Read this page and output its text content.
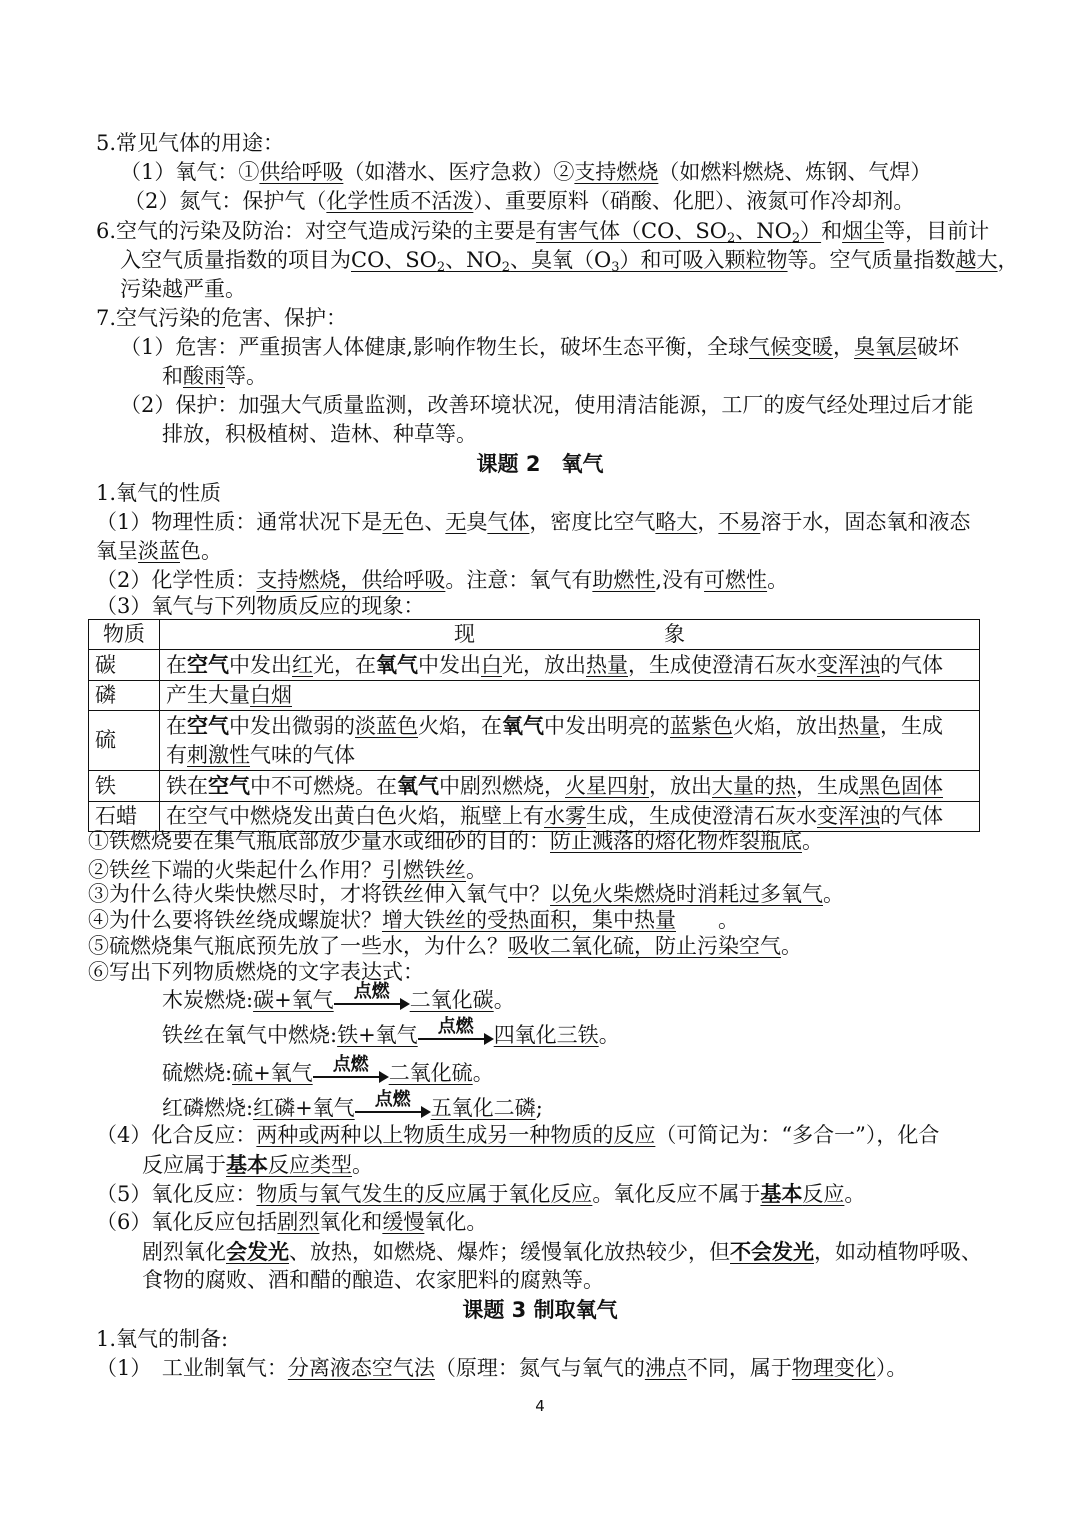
5.常见气体的用途：
（1）氧气：①供给呼吸（如潜水、医疗急救）②支持燃烧（如燃料燃烧、炼钢、气焊）
（2）氮气：保护气（化学性质不活泼）、重要原料（硝酸、化肥）、液氮可作冷却剂。
6.空气的污染及防治：对空气造成污染的主要是有害气体（CO、$SO_2$、$NO_2$）和烟尘等，目前计
入空气质量指数的项目为CO、$SO_2$、$NO_2$、臭氧$(O_3)$和可吸入颗粒物等。空气质量指数越大，
污染越严重。
7.空气污染的危害、保护：
（1）危害：严重损害人体健康,影响作物生长，破坏生态平衡，全球气候变暖，臭氧层破坏
和酸雨等。
（2）保护：加强大气质量监测，改善环境状况，使用清洁能源，工厂的废气经处理过后才能
排放，积极植树、造林、种草等。
课题 2　氧气
1.氧气的性质
（1）物理性质：通常状况下是无色、无臭气体，密度比空气略大，不易溶于水，固态氧和液态
氧呈淡蓝色。
（2）化学性质：支持燃烧，供给呼吸。注意：氧气有助燃性,没有可燃性。
（3）氧气与下列物质反应的现象：
物质	现　　　　　　　　　象
碳	在空气中发出红光，在氧气中发出白光，放出热量，生成使澄清石灰水变浑浊的气体
磷	产生大量白烟
硫	在空气中发出微弱的淡蓝色火焰，在氧气中发出明亮的蓝紫色火焰，放出热量，生成
有刺激性气味的气体
铁	铁在空气中不可燃烧。在氧气中剧烈燃烧，火星四射，放出大量的热，生成黑色固体
石蜡	在空气中燃烧发出黄白色火焰，瓶壁上有水雾生成，生成使澄清石灰水变浑浊的气体
①铁燃烧要在集气瓶底部放少量水或细砂的目的：防止溅落的熔化物炸裂瓶底。
②铁丝下端的火柴起什么作用？引燃铁丝。
③为什么待火柴快燃尽时，才将铁丝伸入氧气中？以免火柴燃烧时消耗过多氧气。
④为什么要将铁丝绕成螺旋状？增大铁丝的受热面积，集中热量　　。
⑤硫燃烧集气瓶底预先放了一些水，为什么？吸收二氧化硫，防止污染空气。
⑥写出下列物质燃烧的文字表达式：
木炭燃烧:碳+氧气	点燃 二氧化碳。
铁丝在氧气中燃烧:铁+氧气	点燃 四氧化三铁。
硫燃烧:硫+氧气	点燃 二氧化硫。
红磷燃烧:红磷+氧气	点燃 五氧化二磷;
（4）化合反应：两种或两种以上物质生成另一种物质的反应（可简记为：“多合一”），化合
反应属于基本反应类型。
（5）氧化反应：物质与氧气发生的反应属于氧化反应。氧化反应不属于基本反应。
（6）氧化反应包括剧烈氧化和缓慢氧化。
剧烈氧化会发光、放热，如燃烧、爆炸；缓慢氧化放热较少，但不会发光，如动植物呼吸、
食物的腐败、酒和醋的酿造、农家肥料的腐熟等。
课题 3 制取氧气
1.氧气的制备:
（1）　工业制氧气：分离液态空气法（原理：氮气与氧气的沸点不同，属于物理变化）。
4
